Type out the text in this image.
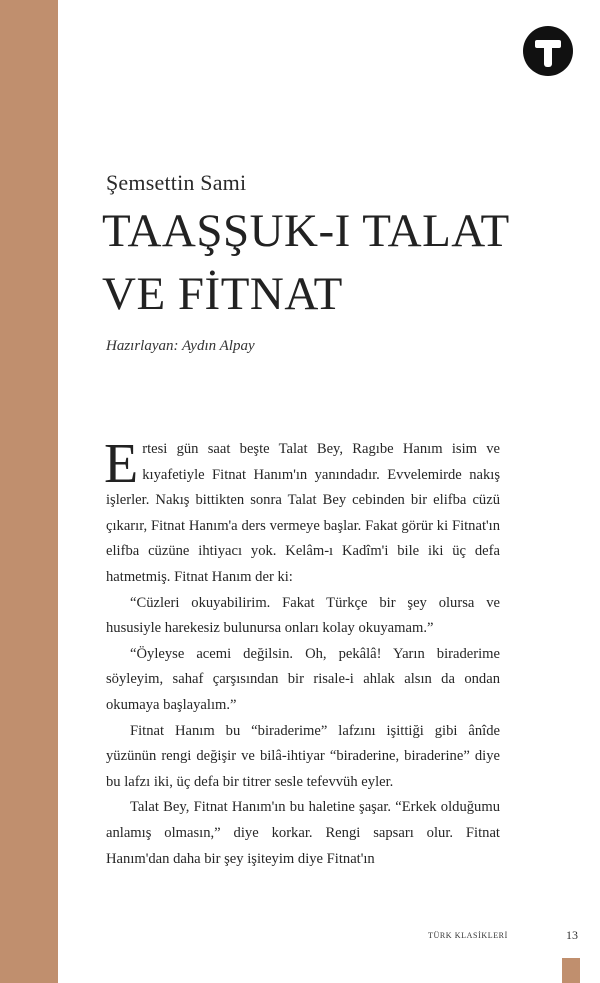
Şemsettin Sami
TAAŞŞUK-I TALAT
VE FİTNAT
Hazırlayan: Aydın Alpay

Ertesi gün saat beşte Talat Bey, Ragıbe Hanım isim ve kıyafetiyle Fitnat Hanım'ın yanındadır. Evvelemirde nakış işlerler. Nakış bittikten sonra Talat Bey cebinden bir elifba cüzü çıkarır, Fitnat Hanım'a ders vermeye başlar. Fakat görür ki Fitnat'ın elifba cüzüne ihtiyacı yok. Kelâm-ı Kadîm'i bile iki üç defa hatmetmiş. Fitnat Hanım der ki:

“Cüzleri okuyabilirim. Fakat Türkçe bir şey olursa ve hususiyle harekesiz bulunursa onları kolay okuyamam.”

“Öyleyse acemi değilsin. Oh, pekâlâ! Yarın biraderime söyleyim, sahaf çarşısından bir risale-i ahlak alsın da ondan okumaya başlayalım.”

Fitnat Hanım bu “biraderime” lafzını işittiği gibi ânîde yüzünün rengi değişir ve bilâ-ihtiyar “biraderine, biraderine” diye bu lafzı iki, üç defa bir titrer sesle tefevvüh eyler.

Talat Bey, Fitnat Hanım'ın bu haletine şaşar. “Erkek olduğumu anlamış olmasın,” diye korkar. Rengi sapsarı olur. Fitnat Hanım'dan daha bir şey işiteyim diye Fitnat'ın

TÜRK KLASİKLERİ	13
